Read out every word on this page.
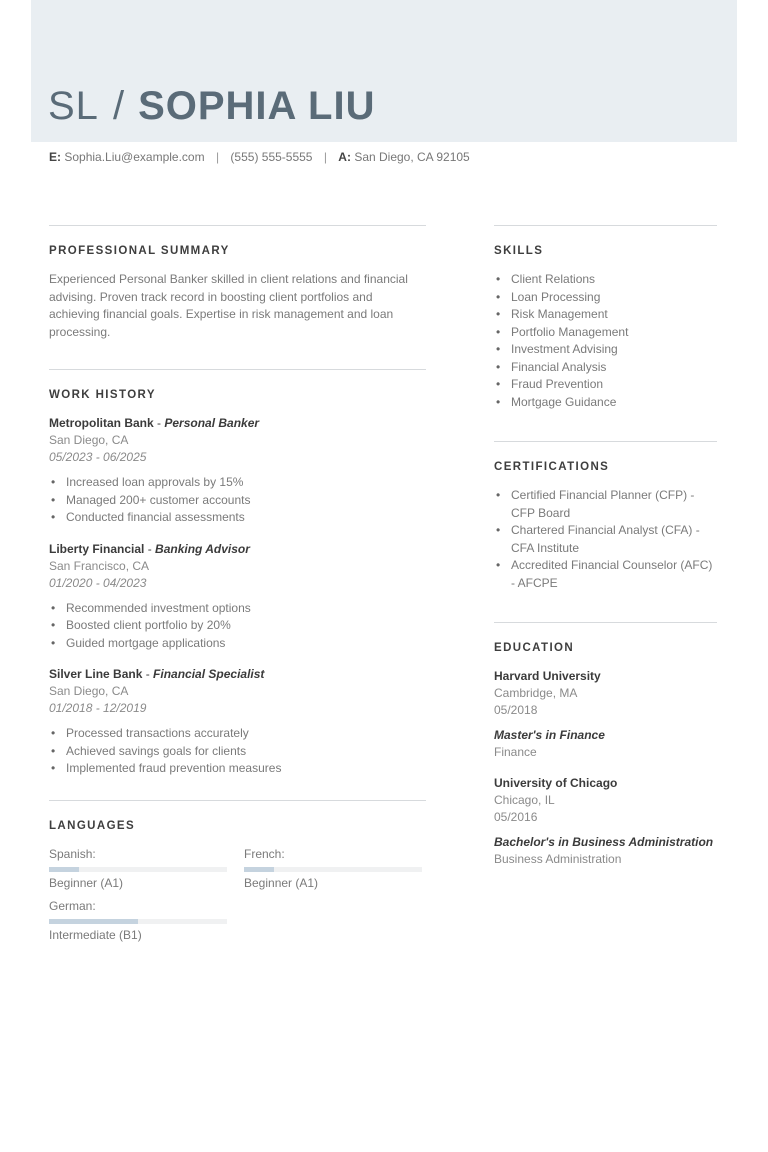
SL / SOPHIA LIU
E: Sophia.Liu@example.com | (555) 555-5555 | A: San Diego, CA 92105
PROFESSIONAL SUMMARY

Experienced Personal Banker skilled in client relations and financial advising. Proven track record in boosting client portfolios and achieving financial goals. Expertise in risk management and loan processing.

WORK HISTORY
Metropolitan Bank - Personal Banker
San Diego, CA
05/2023 - 06/2025
• Increased loan approvals by 15%
• Managed 200+ customer accounts
• Conducted financial assessments
Liberty Financial - Banking Advisor
San Francisco, CA
01/2020 - 04/2023
• Recommended investment options
• Boosted client portfolio by 20%
• Guided mortgage applications
Silver Line Bank - Financial Specialist
San Diego, CA
01/2018 - 12/2019
• Processed transactions accurately
• Achieved savings goals for clients
• Implemented fraud prevention measures
LANGUAGES
Spanish:
Beginner (A1)
French:
Beginner (A1)
German:
Intermediate (B1)
SKILLS
• Client Relations
• Loan Processing
• Risk Management
• Portfolio Management
• Investment Advising
• Financial Analysis
• Fraud Prevention
• Mortgage Guidance
CERTIFICATIONS
• Certified Financial Planner (CFP) - CFP Board
• Chartered Financial Analyst (CFA) - CFA Institute
• Accredited Financial Counselor (AFC) - AFCPE
EDUCATION
Harvard University
Cambridge, MA
05/2018
Master's in Finance
Finance
University of Chicago
Chicago, IL
05/2016
Bachelor's in Business Administration
Business Administration
